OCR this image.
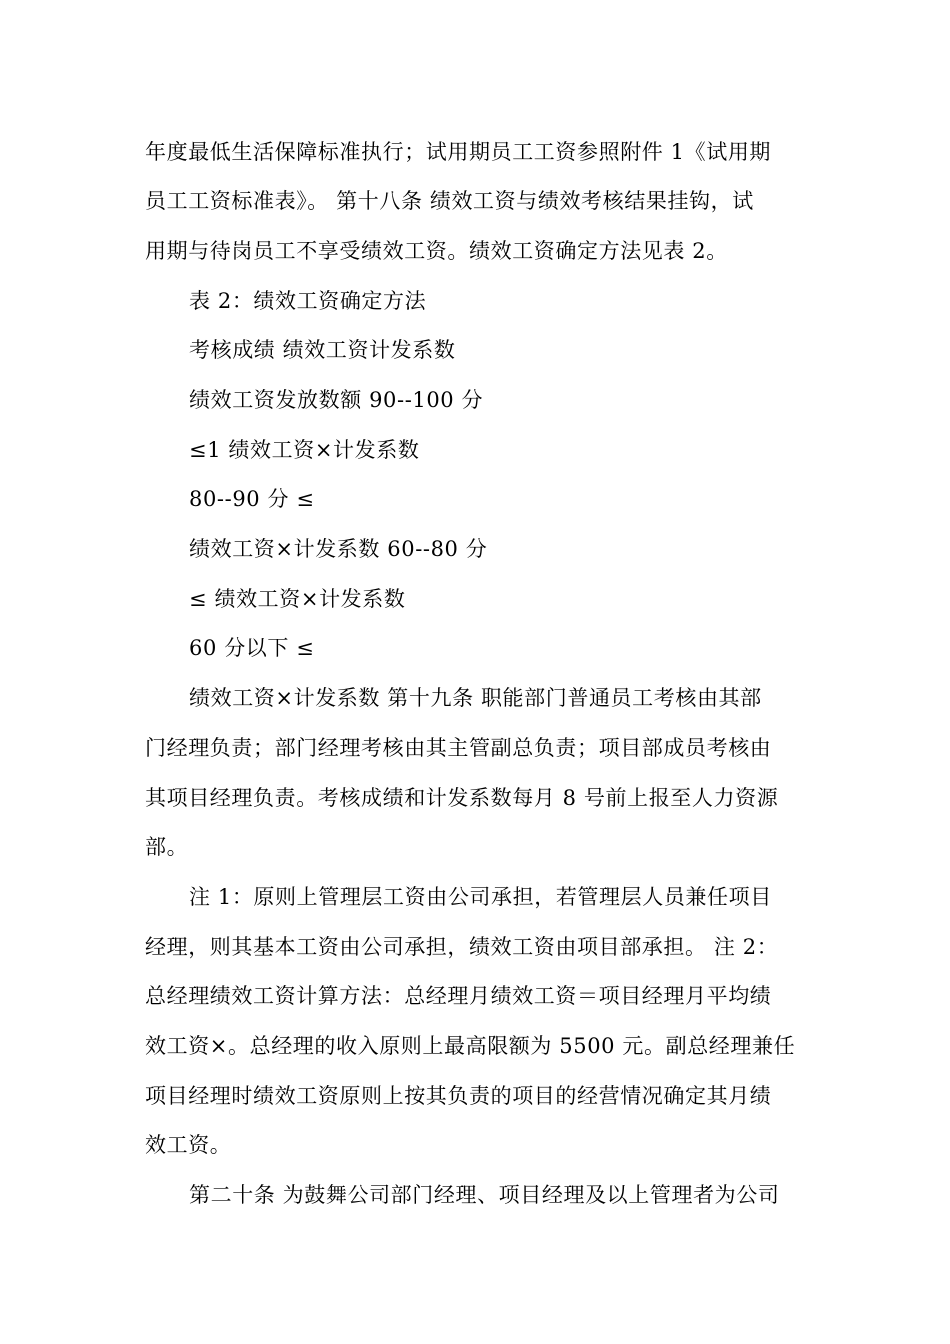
年度最低生活保障标准执行；试用期员工工资参照附件 1《试用期
员工工资标准表》。 第十八条 绩效工资与绩效考核结果挂钩，试
用期与待岗员工不享受绩效工资。绩效工资确定方法见表 2。
表 2：绩效工资确定方法
考核成绩 绩效工资计发系数
绩效工资发放数额 90--100 分
≤1 绩效工资×计发系数
80--90 分 ≤
绩效工资×计发系数 60--80 分
≤ 绩效工资×计发系数
60 分以下 ≤
绩效工资×计发系数 第十九条 职能部门普通员工考核由其部
门经理负责；部门经理考核由其主管副总负责；项目部成员考核由
其项目经理负责。考核成绩和计发系数每月 8 号前上报至人力资源
部。
注 1：原则上管理层工资由公司承担，若管理层人员兼任项目
经理，则其基本工资由公司承担，绩效工资由项目部承担。 注 2：
总经理绩效工资计算方法：总经理月绩效工资＝项目经理月平均绩
效工资×。总经理的收入原则上最高限额为 5500 元。副总经理兼任
项目经理时绩效工资原则上按其负责的项目的经营情况确定其月绩
效工资。
第二十条 为鼓舞公司部门经理、项目经理及以上管理者为公司
